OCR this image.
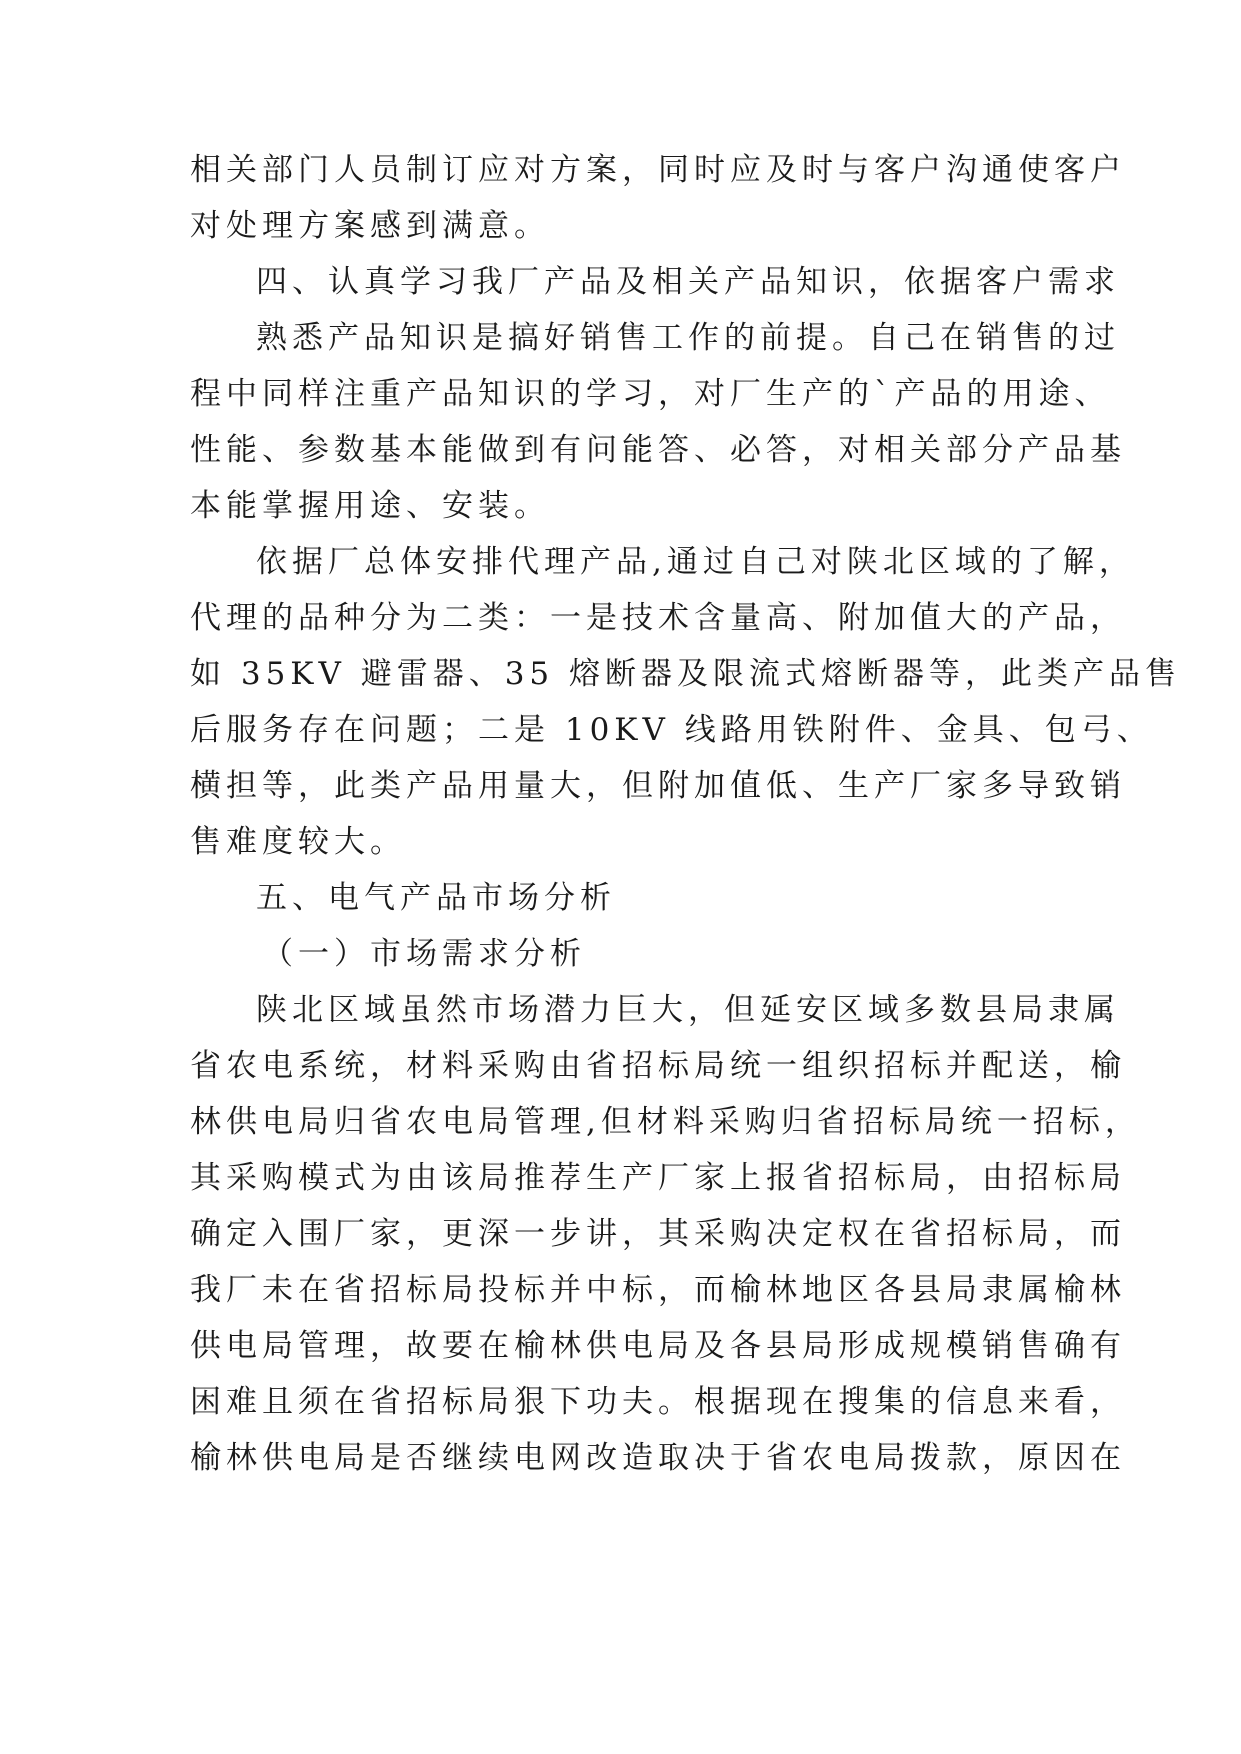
相关部门人员制订应对方案，同时应及时与客户沟通使客户
对处理方案感到满意。
四、认真学习我厂产品及相关产品知识，依据客户需求
熟悉产品知识是搞好销售工作的前提。自己在销售的过
程中同样注重产品知识的学习，对厂生产的`产品的用途、
性能、参数基本能做到有问能答、必答，对相关部分产品基
本能掌握用途、安装。
依据厂总体安排代理产品,通过自己对陕北区域的了解，
代理的品种分为二类：一是技术含量高、附加值大的产品，
如 35KV 避雷器、35 熔断器及限流式熔断器等，此类产品售
后服务存在问题；二是 10KV 线路用铁附件、金具、包弓、
横担等，此类产品用量大，但附加值低、生产厂家多导致销
售难度较大。
五、电气产品市场分析
（一）市场需求分析
陕北区域虽然市场潜力巨大，但延安区域多数县局隶属
省农电系统，材料采购由省招标局统一组织招标并配送，榆
林供电局归省农电局管理,但材料采购归省招标局统一招标，
其采购模式为由该局推荐生产厂家上报省招标局，由招标局
确定入围厂家，更深一步讲，其采购决定权在省招标局，而
我厂未在省招标局投标并中标，而榆林地区各县局隶属榆林
供电局管理，故要在榆林供电局及各县局形成规模销售确有
困难且须在省招标局狠下功夫。根据现在搜集的信息来看，
榆林供电局是否继续电网改造取决于省农电局拨款，原因在
